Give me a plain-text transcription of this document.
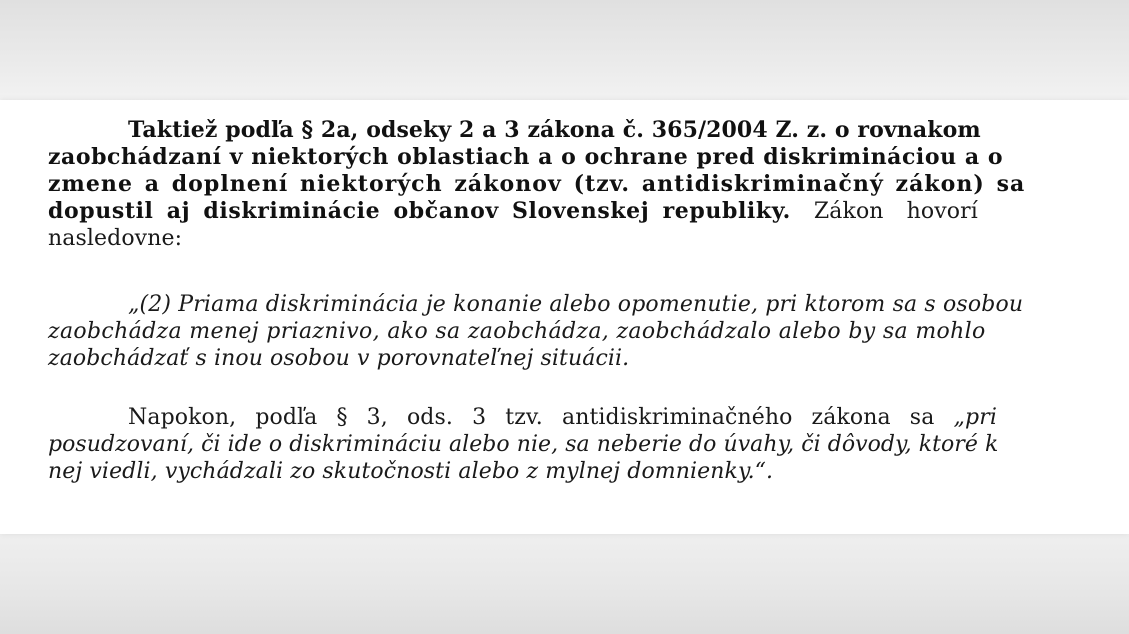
Taktiež podľa § 2a, odseky 2 a 3 zákona č. 365/2004 Z. z. o rovnakom
zaobchádzaní v niektorých oblastiach a o ochrane pred diskrimináciou a o
zmene a doplnení niektorých zákonov (tzv. antidiskriminačný zákon) sa
dopustil aj diskriminácie občanov Slovenskej republiky. Zákon hovorí
nasledovne:
„(2) Priama diskriminácia je konanie alebo opomenutie, pri ktorom sa s osobou
zaobchádza menej priaznivo, ako sa zaobchádza, zaobchádzalo alebo by sa mohlo
zaobchádzať s inou osobou v porovnateľnej situácii.
Napokon, podľa § 3, ods. 3 tzv. antidiskriminačného zákona sa „pri
posudzovaní, či ide o diskrimináciu alebo nie, sa neberie do úvahy, či dôvody, ktoré k
nej viedli, vychádzali zo skutočnosti alebo z mylnej domnienky.“.
